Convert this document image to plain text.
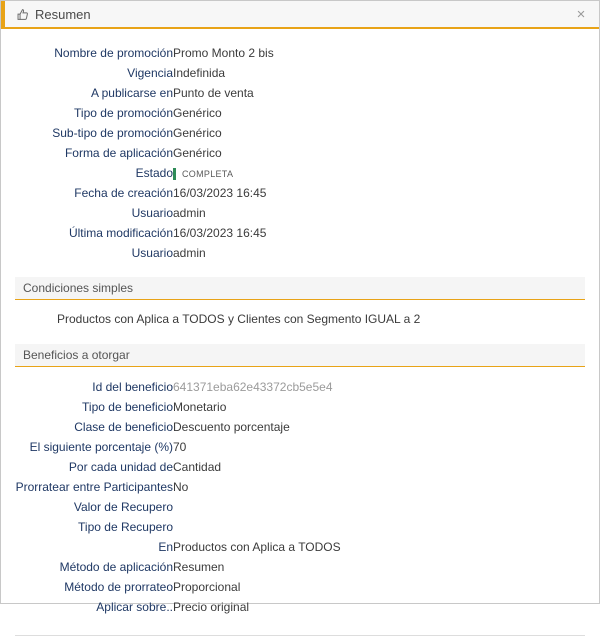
Resumen	×
Nombre de promoción	Promo Monto 2 bis
Vigencia	Indefinida
A publicarse en	Punto de venta
Tipo de promoción	Genérico
Sub-tipo de promoción	Genérico
Forma de aplicación	Genérico
Estado	COMPLETA
Fecha de creación	16/03/2023 16:45
Usuario	admin
Última modificación	16/03/2023 16:45
Usuario	admin
Condiciones simples
Productos con Aplica a TODOS y Clientes con Segmento IGUAL a 2
Beneficios a otorgar
Id del beneficio	641371eba62e43372cb5e5e4
Tipo de beneficio	Monetario
Clase de beneficio	Descuento porcentaje
El siguiente porcentaje (%)	70
Por cada unidad de	Cantidad
Prorratear entre Participantes	No
Valor de Recupero	
Tipo de Recupero	
En	Productos con Aplica a TODOS
Método de aplicación	Resumen
Método de prorrateo	Proporcional
Aplicar sobre..	Precio original
